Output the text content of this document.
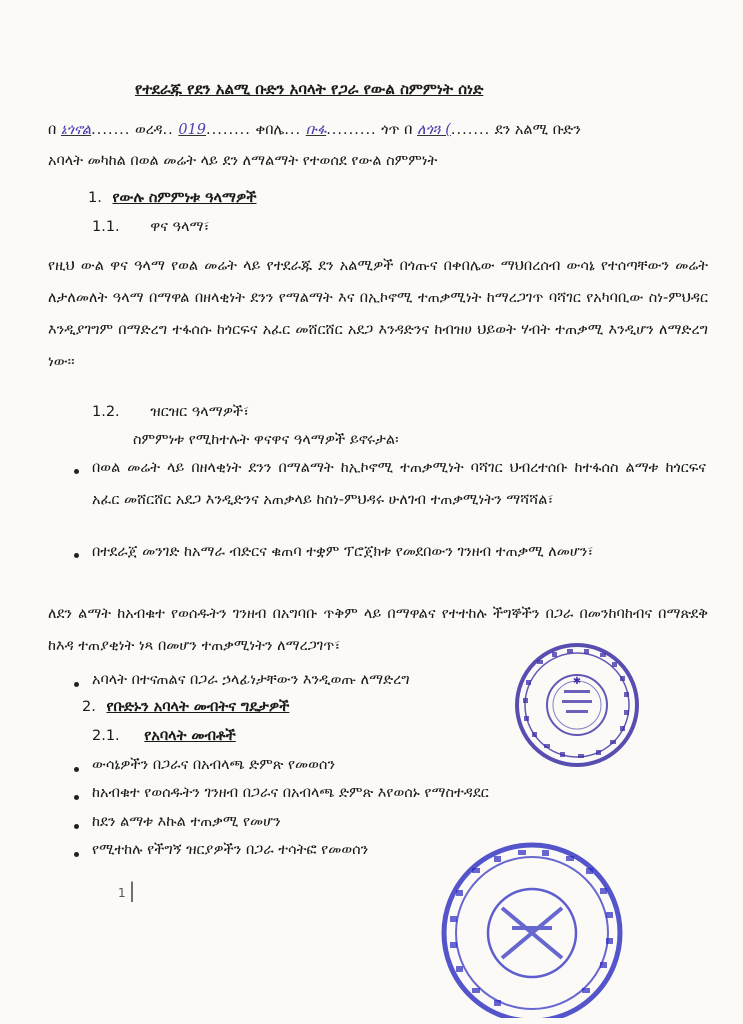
የተደራጁ የደን አልሚ ቡድን አባላት የጋራ የውል ስምምነት ሰነድ
በ ኔጎኖል....... ወረዳ.. 019........ ቀበሌ... ቡፋ......... ጎጥ በ ለጎጓ (....... ደን አልሚ ቡድን
አባላት መካከል በወል መሬት ላይ ደን ለማልማት የተወሰደ የውል ስምምነት
1. የውሉ ስምምነቱ ዓላማዎች
1.1. ዋና ዓላማ፣
የዚህ ውል ዋና ዓላማ የወል መሬት ላይ የተደራጁ ደን አልሚዎች በጎጡና በቀበሌው ማህበረሰብ ውሳኔ የተሰጣቸውን መሬት ለታለመለት ዓላማ በማዋል በዘላቂነት ደንን የማልማት እና በኢኮኖሚ ተጠቃሚነት ከማረጋገጥ ባሻገር የአካባቢው ስነ-ምህዳር እንዲያገግም በማድረግ ተፋሰሱ ከጎርፍና አፈር መሸርሸር አደጋ እንዳድንና ከብዝሀ ህይወት ሃብት ተጠቃሚ እንዲሆን ለማድረግ ነው፡፡
1.2. ዝርዝር ዓላማዎች፣
ስምምነቱ የሚከተሉት ዋናዋና ዓላማዎች ይኖሩታል፡
በወል መሬት ላይ በዘላቂነት ደንን በማልማት ከኢኮኖሚ ተጠቃሚነት ባሻገር ህብረተሰቡ ከተፋሰስ ልማቱ ከጎርፍና አፈር መሸርሸር አደጋ እንዲድንና አጠቃላይ ከስነ-ምህዳሩ ሁለገብ ተጠቃሚነትን ማሻሻል፣
በተደራጀ መንገድ ከአማራ ብድርና ቁጠባ ተቋም ፕሮጀክቱ የመደበውን ገንዘብ ተጠቃሚ ለመሆን፣
ለደን ልማት ከአብቁተ የወሰዱትን ገንዘብ በአግባቡ ጥቅም ላይ በማዋልና የተተከሉ ችግኞችን በጋራ በመንከባከብና በማጽደቅ ከእዳ ተጠያቂነት ነጻ በመሆን ተጠቃሚነትን ለማረጋገጥ፣
አባላት በተናጠልና በጋራ ኃላፊነታቸውን እንዲወጡ ለማድረግ
2. የቡድኑን አባላት መብትና ግዴታዎች
2.1. የአባላት መብቶች
ውሳኔዎችን በጋራና በአብላጫ ድምጽ የመወሰን
ከአብቁተ የወሰዱትን ገንዘብ በጋራና በአብላጫ ድምጽ እየወሰኑ የማስተዳደር
ከደን ልማቱ እኩል ተጠቃሚ የመሆን
የሚተከሉ የችግኝ ዝርያዎችን በጋራ ተሳትፎ የመወሰን
1 |
✱
